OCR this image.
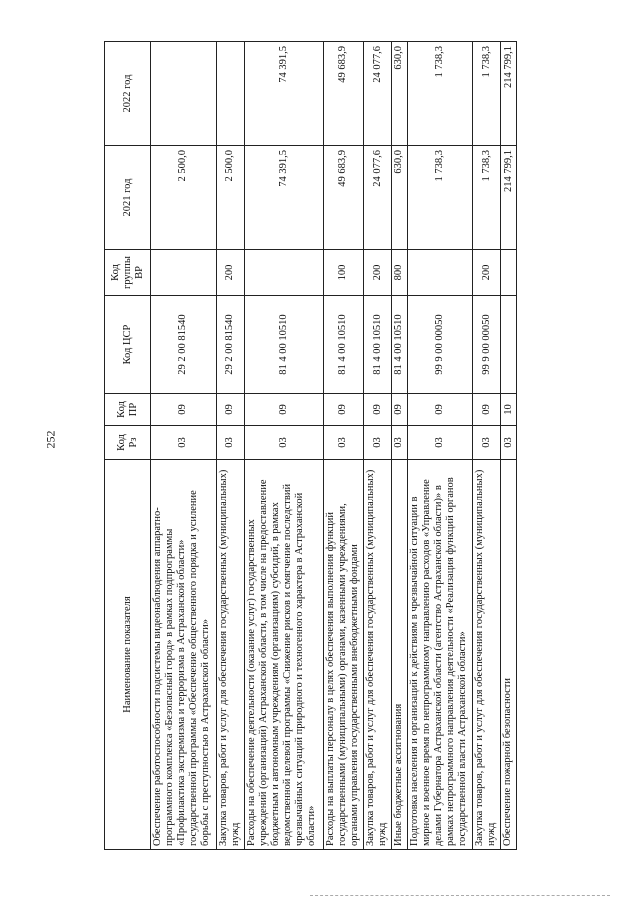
252
Наименование показателя	Код Рз	Код ПР	Код ЦСР	Код группы ВР	2021 год	2022 год
Обеспечение работоспособности подсистемы видеонаблюдения аппаратно-программного комплекса «Безопасный город» в рамках подпрограммы «Профилактика экстремизма и терроризма в Астраханской области» государственной программы «Обеспечение общественного порядка и усиление борьбы с преступностью в Астраханской области»	03	09	29 2 00 81540		2 500,0	
Закупка товаров, работ и услуг для обеспечения государственных (муниципальных) нужд	03	09	29 2 00 81540	200	2 500,0	
Расходы на обеспечение деятельности (оказание услуг) государственных учреждений (организаций) Астраханской области, в том числе на предоставление бюджетным и автономным учреждениям (организациям) субсидий, в рамках ведомственной целевой программы «Снижение рисков и смягчение последствий чрезвычайных ситуаций природного и техногенного характера в Астраханской области»	03	09	81 4 00 10510		74 391,5	74 391,5
Расходы на выплаты персоналу в целях обеспечения выполнения функций государственными (муниципальными) органами, казенными учреждениями, органами управления государственными внебюджетными фондами	03	09	81 4 00 10510	100	49 683,9	49 683,9
Закупка товаров, работ и услуг для обеспечения государственных (муниципальных) нужд	03	09	81 4 00 10510	200	24 077,6	24 077,6
Иные бюджетные ассигнования	03	09	81 4 00 10510	800	630,0	630,0
Подготовка населения и организаций к действиям в чрезвычайной ситуации в мирное и военное время по непрограммному направлению расходов «Управление делами Губернатора Астраханской области (агентство Астраханской области)» в рамках непрограммного направления деятельности «Реализация функций органов государственной власти Астраханской области»	03	09	99 9 00 00050		1 738,3	1 738,3
Закупка товаров, работ и услуг для обеспечения государственных (муниципальных) нужд	03	09	99 9 00 00050	200	1 738,3	1 738,3
Обеспечение пожарной безопасности	03	10			214 799,1	214 799,1
